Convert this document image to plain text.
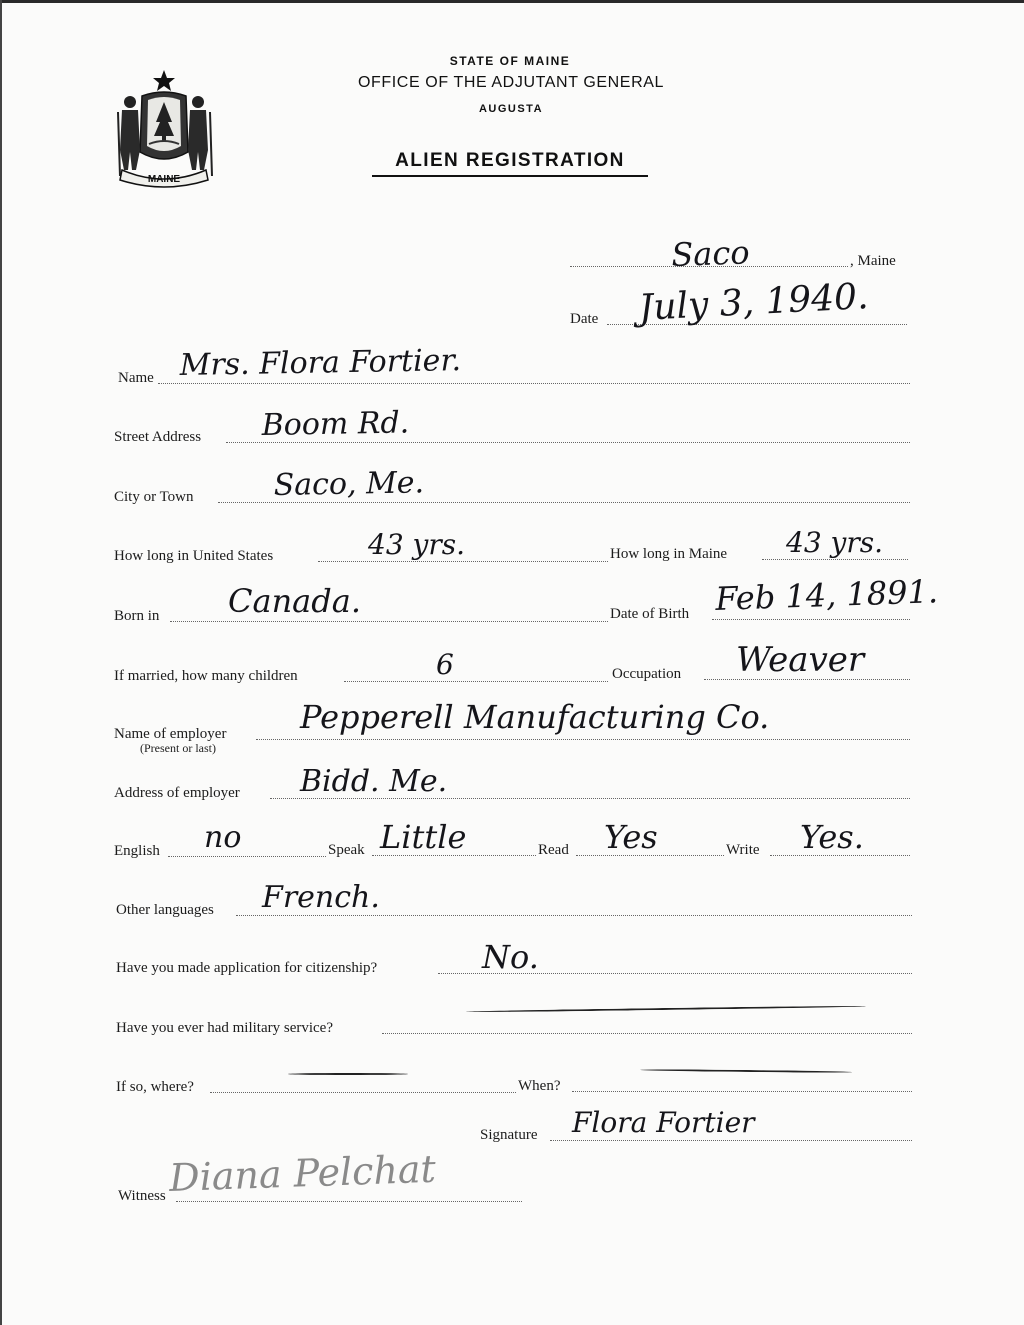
MAINE
STATE OF MAINE
OFFICE OF THE ADJUTANT GENERAL
AUGUSTA
ALIEN REGISTRATION
Saco	, Maine
Date July 3, 1940.
Name Mrs. Flora Fortier.
Street Address Boom Rd.
City or Town	Saco, Me.
How long in United States	43 yrs.	How long in Maine 43 yrs.
Born in Canada.	Date of Birth Feb 14, 1891.
If married, how many children	6	Occupation Weaver
Name of employer
(Present or last)
Pepperell Manufacturing Co.
Address of employer Bidd. Me.
English no	Speak Little	Read Yes	Write Yes.
Other languages French.
Have you made application for citizenship?	No.
Have you ever had military service?
If so, where?	When?
Signature Flora Fortier
Witness Diana Pelchat
